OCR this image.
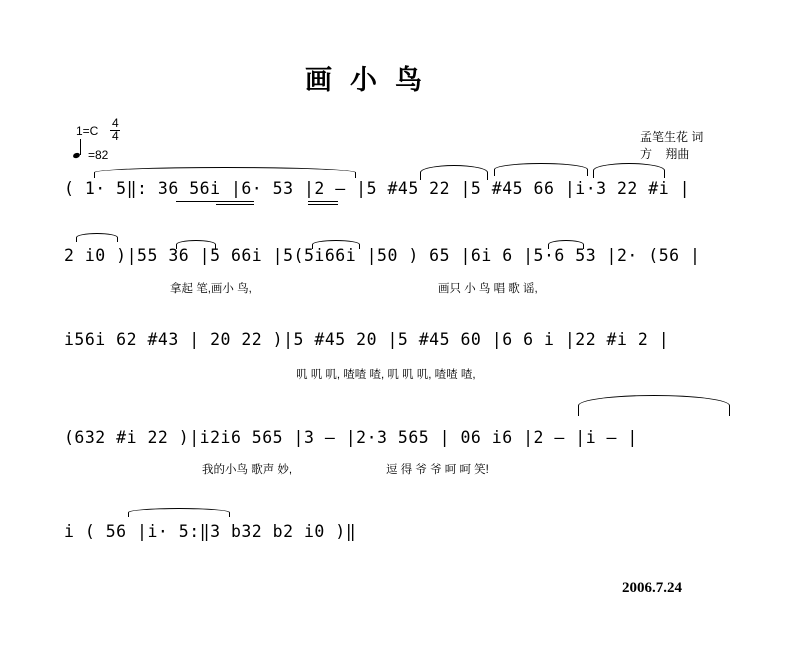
画小鸟
1=C
4
4
=82
孟笔生花 词
方    翔曲
( 1· 5‖: 36 56i |6· 53 |2 – |5 #45 22 |5 #45 66 |i·3 22 #i |
2 i0 )|55 36 |5 66i |5(5i66i |50 ) 65 |6i 6 |5·6 53 |2· (56 |
拿起 笔,画小 鸟,	画只 小 鸟 唱 歌 谣,
i56i 62 #43 | 20 22 )|5 #45 20 |5 #45 60 |6 6 i |22 #i 2 |
叽 叽 叽, 喳喳 喳, 叽 叽 叽, 喳喳 喳,
(632 #i 22 )|i2i6 565 |3 – |2·3 565 | 06 i6 |2 – |i – |
我的小鸟 歌声 妙,	逗 得 爷 爷 呵 呵 笑!
i ( 56 |i· 5:‖3 b32 b2 i0 )‖
2006.7.24
